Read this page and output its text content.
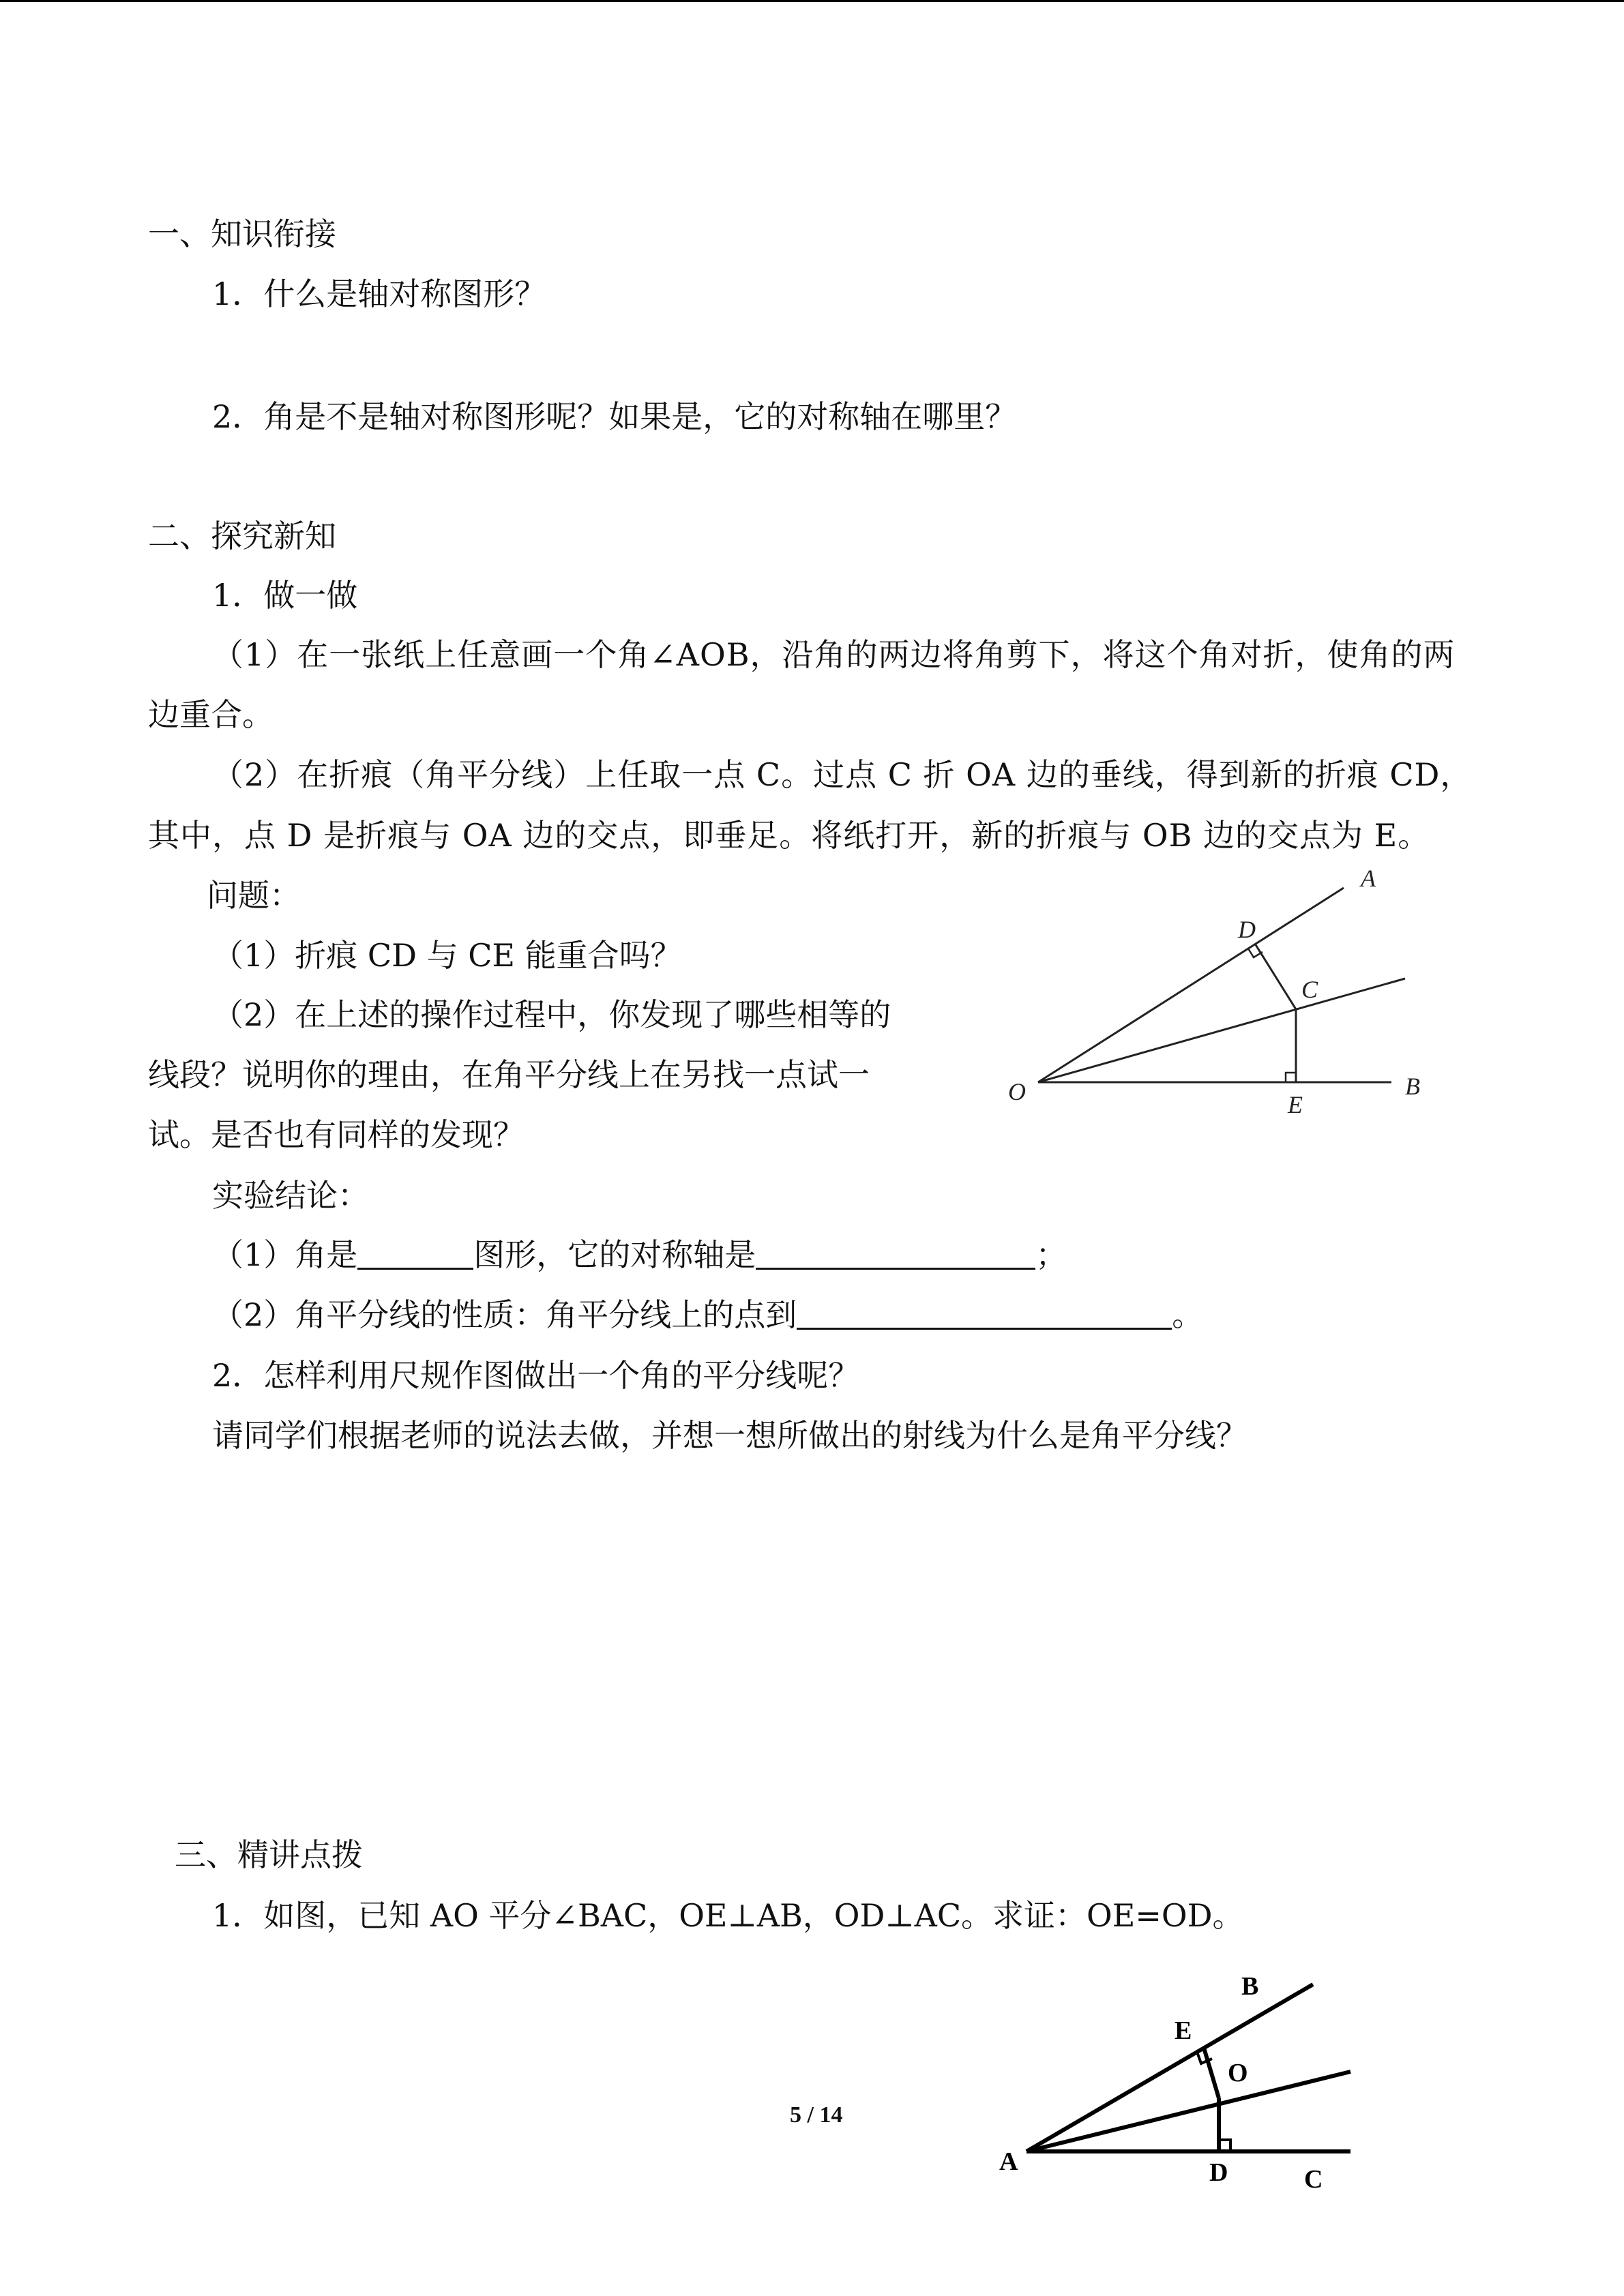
一、知识衔接
1．什么是轴对称图形？
2．角是不是轴对称图形呢？如果是，它的对称轴在哪里？
二、探究新知
1．做一做
（1）在一张纸上任意画一个角∠AOB，沿角的两边将角剪下，将这个角对折，使角的两
边重合。
（2）在折痕（角平分线）上任取一点 C。过点 C 折 OA 边的垂线，得到新的折痕 CD，
其中，点 D 是折痕与 OA 边的交点，即垂足。将纸打开，新的折痕与 OB 边的交点为 E。
问题：
（1）折痕 CD 与 CE 能重合吗？
（2）在上述的操作过程中，你发现了哪些相等的
线段？说明你的理由，在角平分线上在另找一点试一
试。是否也有同样的发现？
实验结论：
（1）角是	图形，它的对称轴是	；
（2）角平分线的性质：角平分线上的点到	。
2．怎样利用尺规作图做出一个角的平分线呢？
请同学们根据老师的说法去做，并想一想所做出的射线为什么是角平分线？
三、精讲点拨
1．如图，已知 AO 平分∠BAC，OE⊥AB，OD⊥AC。求证：OE=OD。
A
D
C
O	E
B
B
E
O
A	D	C
5 / 14
